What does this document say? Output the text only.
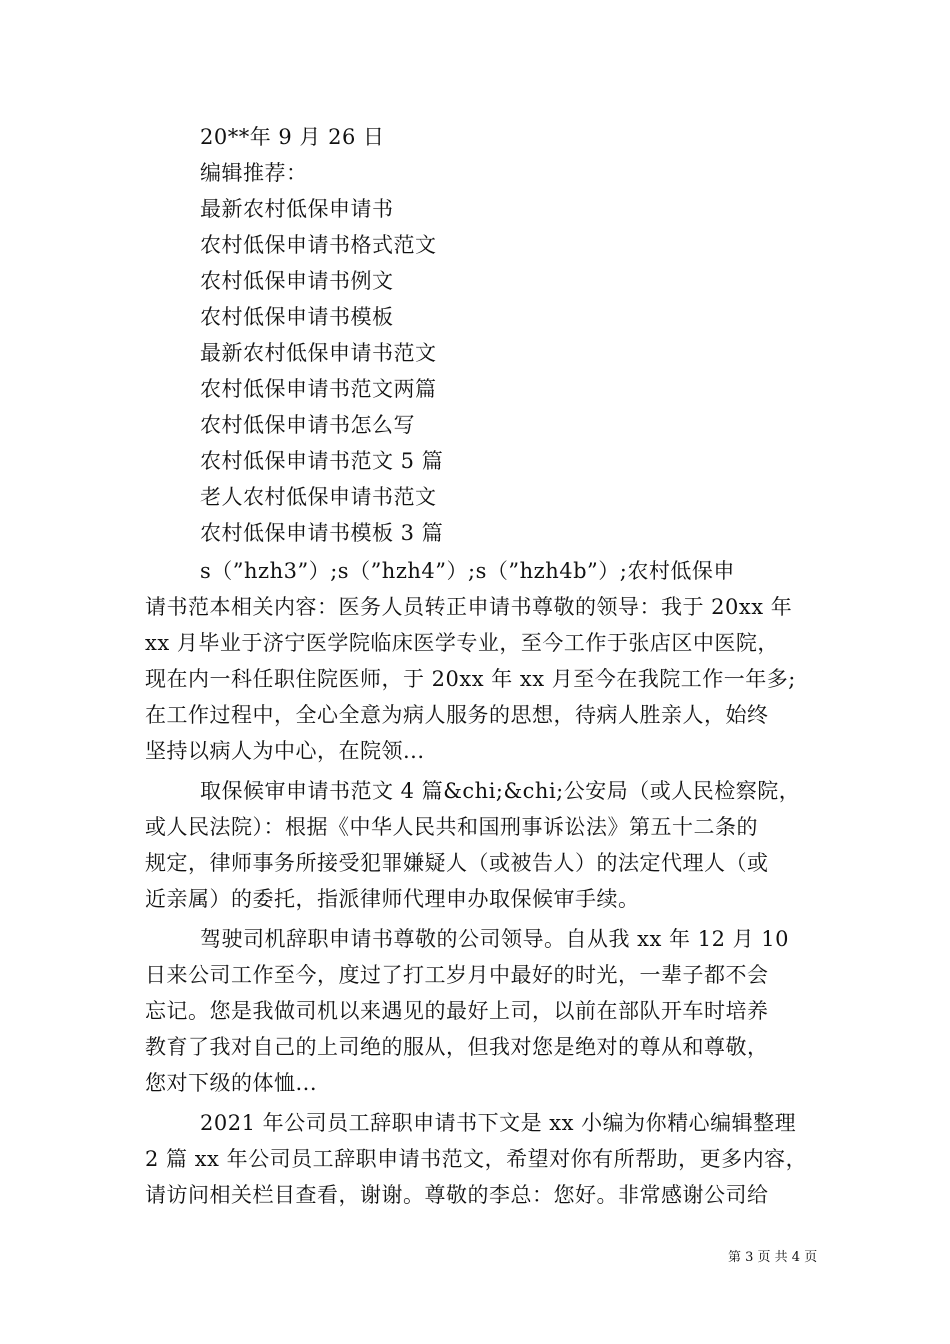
20**年 9 月 26 日
编辑推荐：
最新农村低保申请书
农村低保申请书格式范文
农村低保申请书例文
农村低保申请书模板
最新农村低保申请书范文
农村低保申请书范文两篇
农村低保申请书怎么写
农村低保申请书范文 5 篇
老人农村低保申请书范文
农村低保申请书模板 3 篇
s（”hzh3”）;s（”hzh4”）;s（”hzh4b”）;农村低保申
请书范本相关内容：医务人员转正申请书尊敬的领导：我于 20xx 年
xx 月毕业于济宁医学院临床医学专业，至今工作于张店区中医院，
现在内一科任职住院医师，于 20xx 年 xx 月至今在我院工作一年多;
在工作过程中，全心全意为病人服务的思想，待病人胜亲人，始终
坚持以病人为中心，在院领...
取保候审申请书范文 4 篇&chi;&chi;公安局（或人民检察院，
或人民法院）：根据《中华人民共和国刑事诉讼法》第五十二条的
规定，律师事务所接受犯罪嫌疑人（或被告人）的法定代理人（或
近亲属）的委托，指派律师代理申办取保候审手续。
驾驶司机辞职申请书尊敬的公司领导。自从我 xx 年 12 月 10
日来公司工作至今，度过了打工岁月中最好的时光，一辈子都不会
忘记。您是我做司机以来遇见的最好上司，以前在部队开车时培养
教育了我对自己的上司绝的服从，但我对您是绝对的尊从和尊敬，
您对下级的体恤...
2021 年公司员工辞职申请书下文是 xx 小编为你精心编辑整理
2 篇 xx 年公司员工辞职申请书范文，希望对你有所帮助，更多内容，
请访问相关栏目查看，谢谢。尊敬的李总：您好。非常感谢公司给
第 3 页 共 4 页
